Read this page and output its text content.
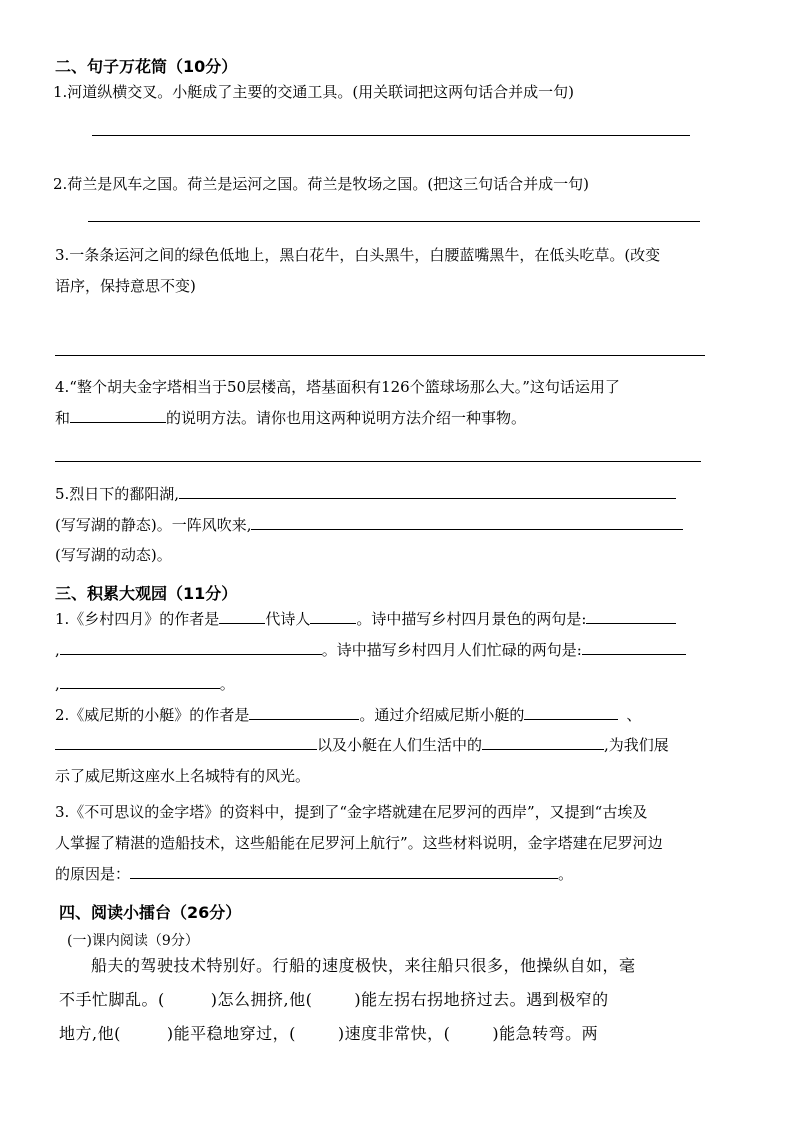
二、句子万花筒（10分）
1.河道纵横交叉。小艇成了主要的交通工具。(用关联词把这两句话合并成一句)
2.荷兰是风车之国。荷兰是运河之国。荷兰是牧场之国。(把这三句话合并成一句)
3.一条条运河之间的绿色低地上，黑白花牛，白头黑牛，白腰蓝嘴黑牛，在低头吃草。(改变
语序，保持意思不变)
4.“整个胡夫金字塔相当于50层楼高，塔基面积有126个篮球场那么大。”这句话运用了
和	的说明方法。请你也用这两种说明方法介绍一种事物。
5.烈日下的鄱阳湖,
(写写湖的静态)。一阵风吹来,
(写写湖的动态)。
三、积累大观园（11分）
1.《乡村四月》的作者是	代诗人	。诗中描写乡村四月景色的两句是:
,	。诗中描写乡村四月人们忙碌的两句是:
,	。
2.《威尼斯的小艇》的作者是	。通过介绍威尼斯小艇的	、
以及小艇在人们生活中的	,为我们展
示了威尼斯这座水上名城特有的风光。
3.《不可思议的金字塔》的资料中，提到了“金字塔就建在尼罗河的西岸”，又提到“古埃及
人掌握了精湛的造船技术，这些船能在尼罗河上航行”。这些材料说明，金字塔建在尼罗河边
的原因是：	。
四、阅读小擂台（26分）
(一)课内阅读（9分）
船夫的驾驶技术特别好。行船的速度极快，来往船只很多，他操纵自如，毫
不手忙脚乱。(	)怎么拥挤,他(	)能左拐右拐地挤过去。遇到极窄的
地方,他(	)能平稳地穿过，(	)速度非常快，(	)能急转弯。两
